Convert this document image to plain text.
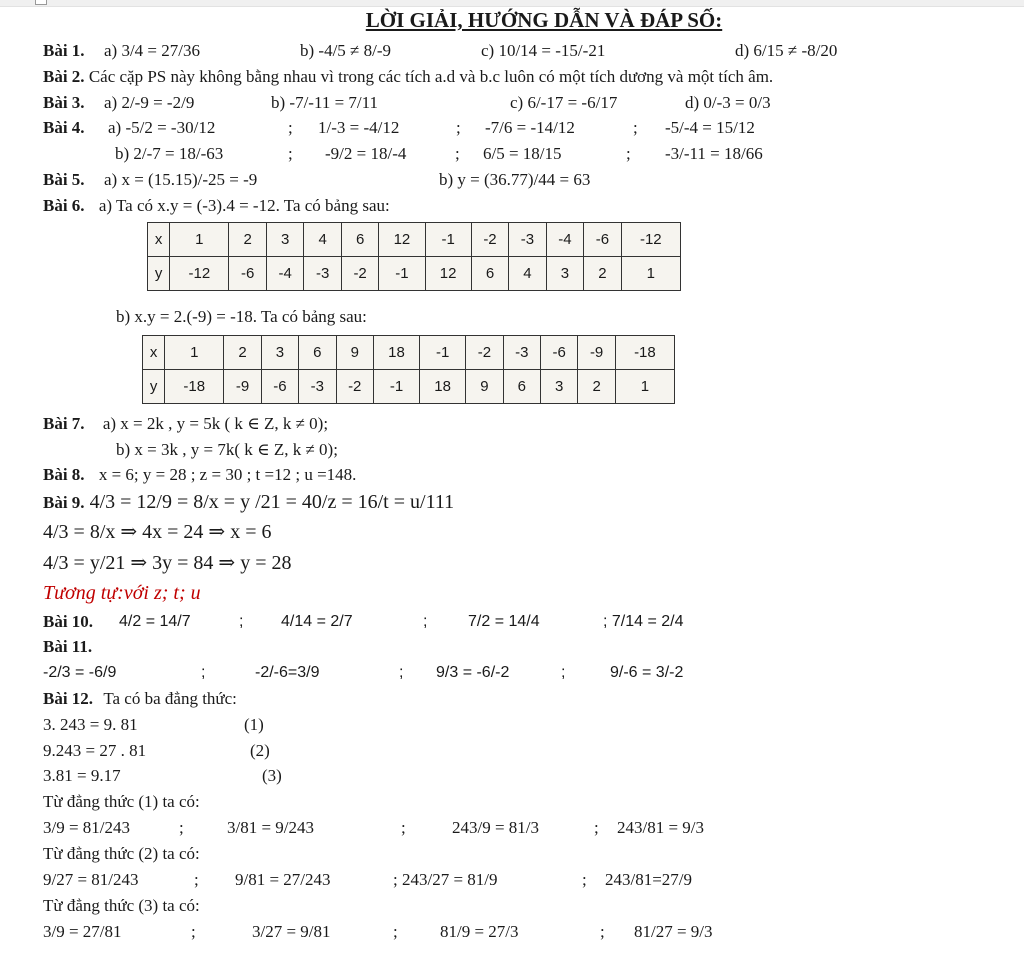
LỜI GIẢI, HƯỚNG DẪN VÀ ĐÁP SỐ:
Bài 1. a) 3/4 = 27/36	b) -4/5 ≠ 8/-9	c) 10/14 = -15/-21	d) 6/15 ≠ -8/20
Bài 2. Các cặp PS này không bằng nhau vì trong các tích a.d và b.c luôn có một tích dương và một tích âm.
Bài 3. a) 2/-9 = -2/9	b) -7/-11 = 7/11	c) 6/-17 = -6/17	d) 0/-3 = 0/3
Bài 4. a) -5/2 = -30/12	; 1/-3 = -4/12	; -7/6 = -14/12	; -5/-4 = 15/12
b) 2/-7 = 18/-63	; -9/2 = 18/-4	; 6/5 = 18/15	; -3/-11 = 18/66
Bài 5. a) x = (15.15)/-25 = -9	b) y = (36.77)/44 = 63
Bài 6. a) Ta có x.y = (-3).4 = -12. Ta có bảng sau:
x	1	2	3	4	6	12	-1	-2	-3	-4	-6	-12
y	-12	-6	-4	-3	-2	-1	12	6	4	3	2	1
b) x.y = 2.(-9) = -18. Ta có bảng sau:
x	1	2	3	6	9	18	-1	-2	-3	-6	-9	-18
y	-18	-9	-6	-3	-2	-1	18	9	6	3	2	1
Bài 7. a) x = 2k , y = 5k ( k ∈ Z, k ≠ 0);
b) x = 3k , y = 7k( k ∈ Z, k ≠ 0);
Bài 8. x = 6; y = 28 ; z = 30 ; t =12 ; u =148.
Bài 9. 4/3 = 12/9 = 8/x = y /21 = 40/z = 16/t = u/111
4/3 = 8/x ⇒ 4x = 24 ⇒ x = 6
4/3 = y/21 ⇒ 3y = 84 ⇒ y = 28
Tương tự:với z; t; u
Bài 10. 4/2 = 14/7	; 4/14 = 2/7	;	7/2 = 14/4	; 7/14 = 2/4
Bài 11.
-2/3 = -6/9	;	-2/-6=3/9	; 9/3 = -6/-2	;	9/-6 = 3/-2
Bài 12. Ta có ba đẳng thức:
3. 243 = 9. 81	(1)
9.243 = 27 . 81	(2)
3.81 = 9.17	(3)
Từ đẳng thức (1) ta có:
3/9 = 81/243	;	3/81 = 9/243	;	243/9 = 81/3	; 243/81 = 9/3
Từ đẳng thức (2) ta có:
9/27 = 81/243	; 9/81 = 27/243	; 243/27 = 81/9	; 243/81=27/9
Từ đẳng thức (3) ta có:
3/9 = 27/81	;	3/27 = 9/81	; 81/9 = 27/3	; 81/27 = 9/3
